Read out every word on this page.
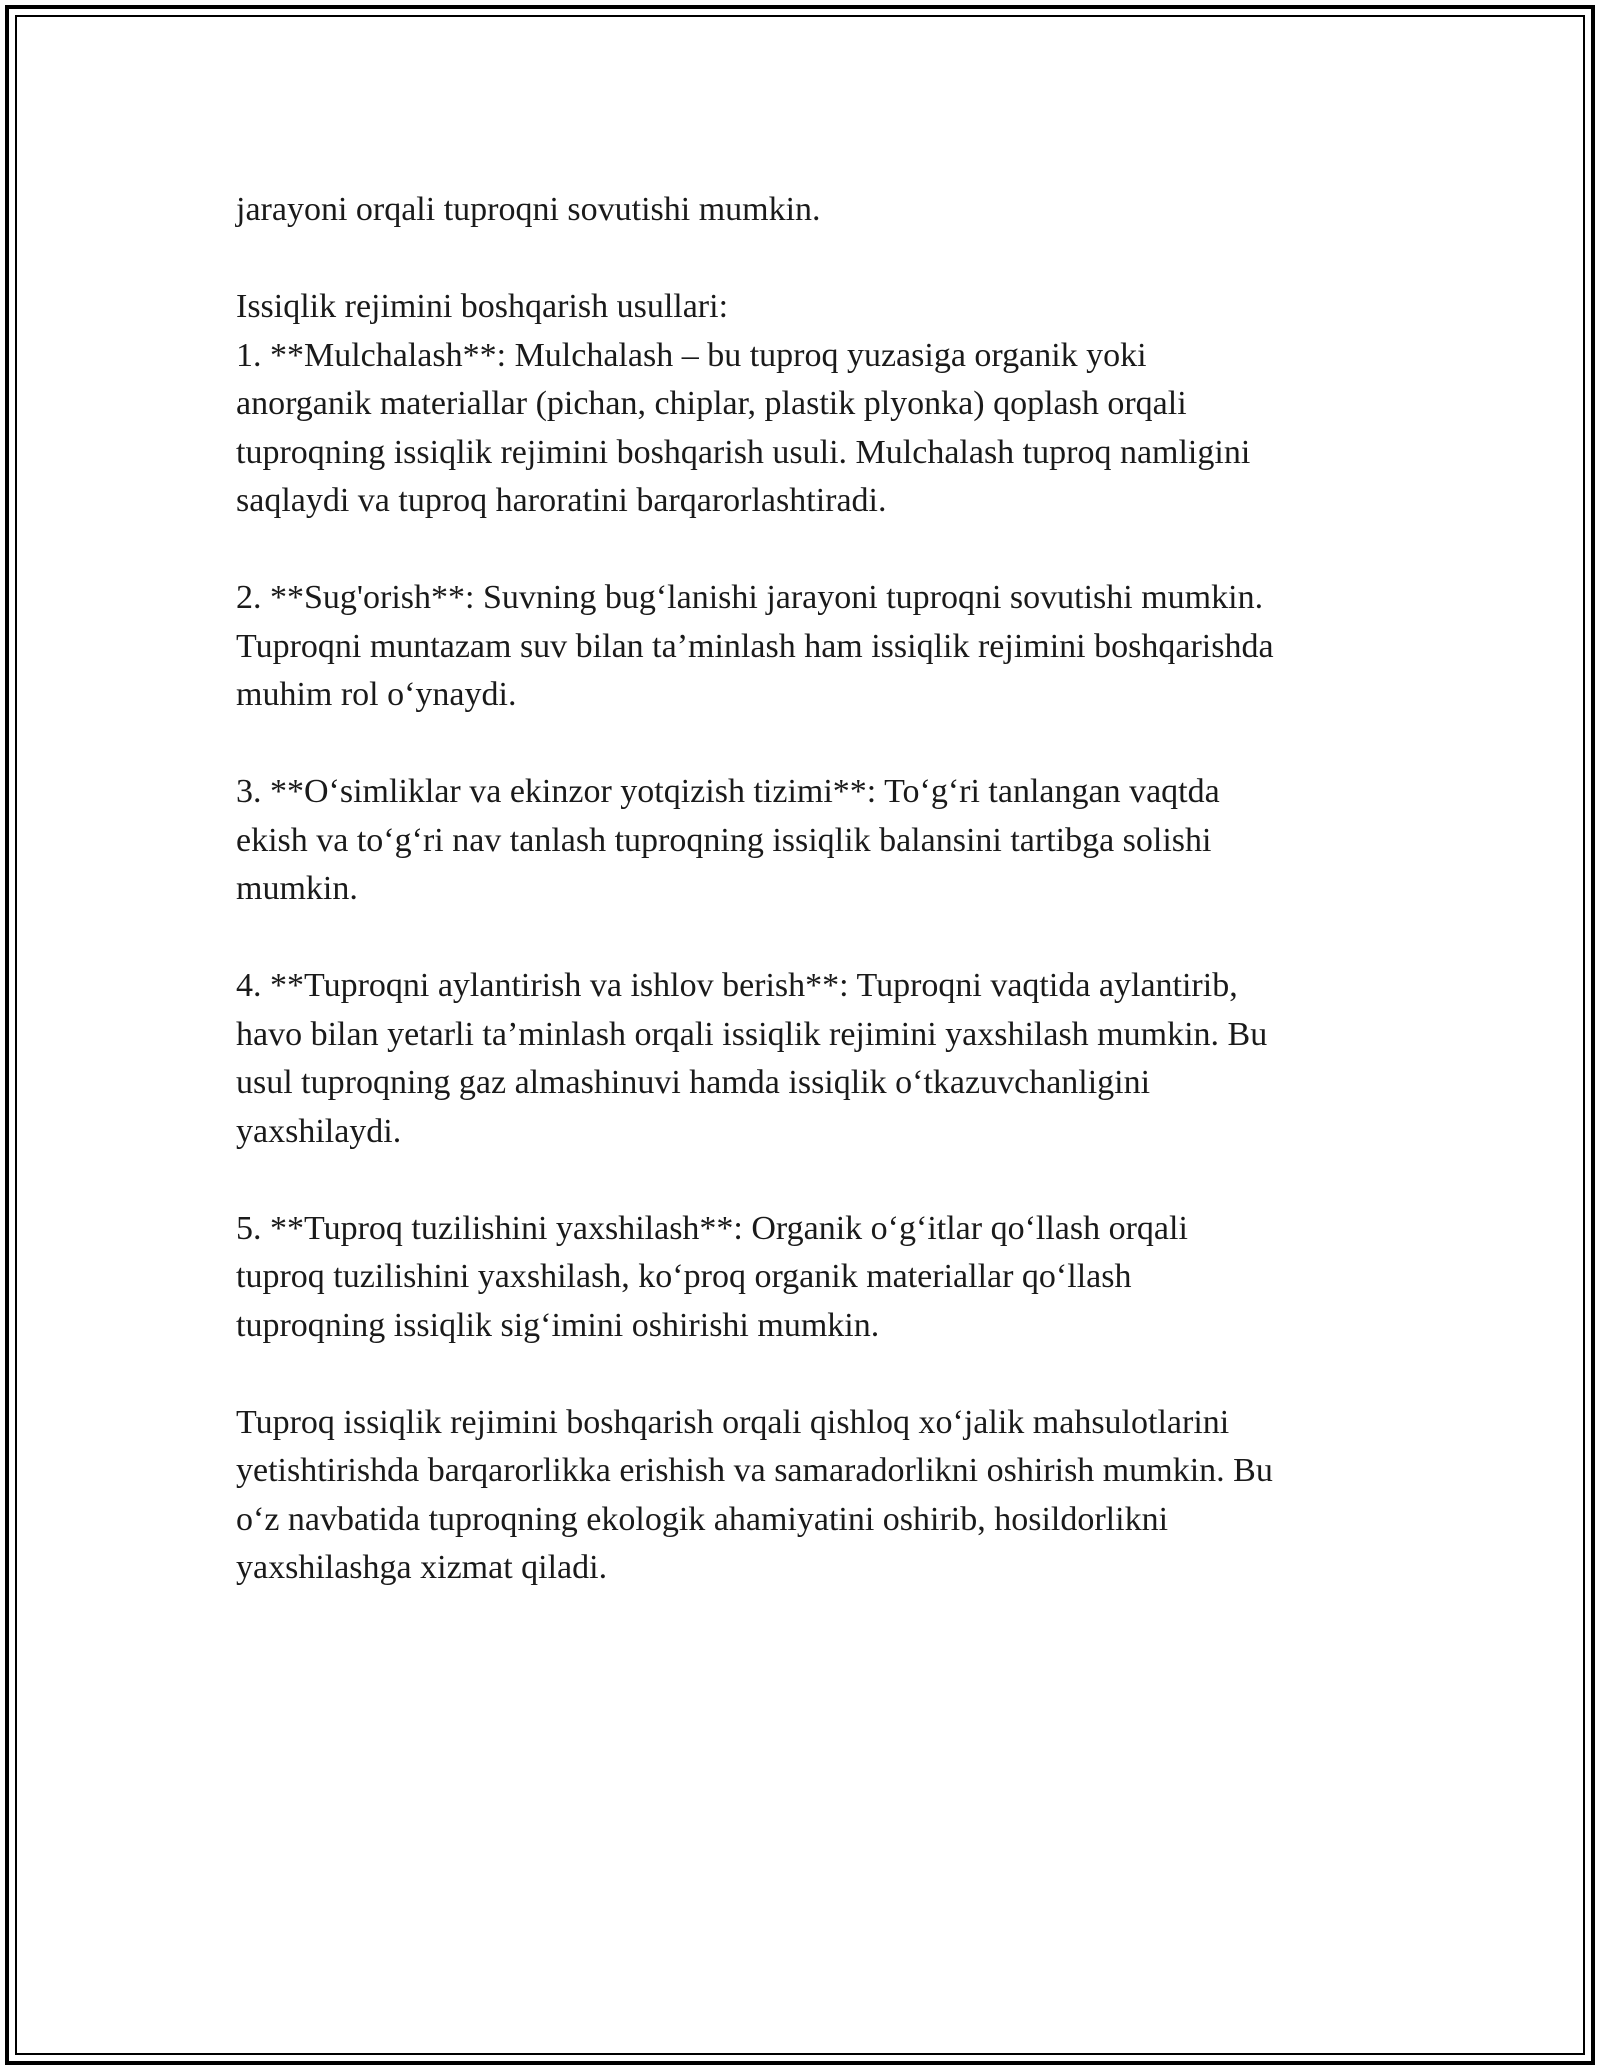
jarayoni orqali tuproqni sovutishi mumkin.

Issiqlik rejimini boshqarish usullari:

1. **Mulchalash**: Mulchalash – bu tuproq yuzasiga organik yoki
anorganik materiallar (pichan, chiplar, plastik plyonka) qoplash orqali
tuproqning issiqlik rejimini boshqarish usuli. Mulchalash tuproq namligini
saqlaydi va tuproq haroratini barqarorlashtiradi.

2. **Sug'orish**: Suvning bug‘lanishi jarayoni tuproqni sovutishi mumkin.
Tuproqni muntazam suv bilan ta’minlash ham issiqlik rejimini boshqarishda
muhim rol o‘ynaydi.

3. **O‘simliklar va ekinzor yotqizish tizimi**: To‘g‘ri tanlangan vaqtda
ekish va to‘g‘ri nav tanlash tuproqning issiqlik balansini tartibga solishi
mumkin.

4. **Tuproqni aylantirish va ishlov berish**: Tuproqni vaqtida aylantirib,
havo bilan yetarli ta’minlash orqali issiqlik rejimini yaxshilash mumkin. Bu
usul tuproqning gaz almashinuvi hamda issiqlik o‘tkazuvchanligini
yaxshilaydi.

5. **Tuproq tuzilishini yaxshilash**: Organik o‘g‘itlar qo‘llash orqali
tuproq tuzilishini yaxshilash, ko‘proq organik materiallar qo‘llash
tuproqning issiqlik sig‘imini oshirishi mumkin.

Tuproq issiqlik rejimini boshqarish orqali qishloq xo‘jalik mahsulotlarini
yetishtirishda barqarorlikka erishish va samaradorlikni oshirish mumkin. Bu
o‘z navbatida tuproqning ekologik ahamiyatini oshirib, hosildorlikni
yaxshilashga xizmat qiladi.
